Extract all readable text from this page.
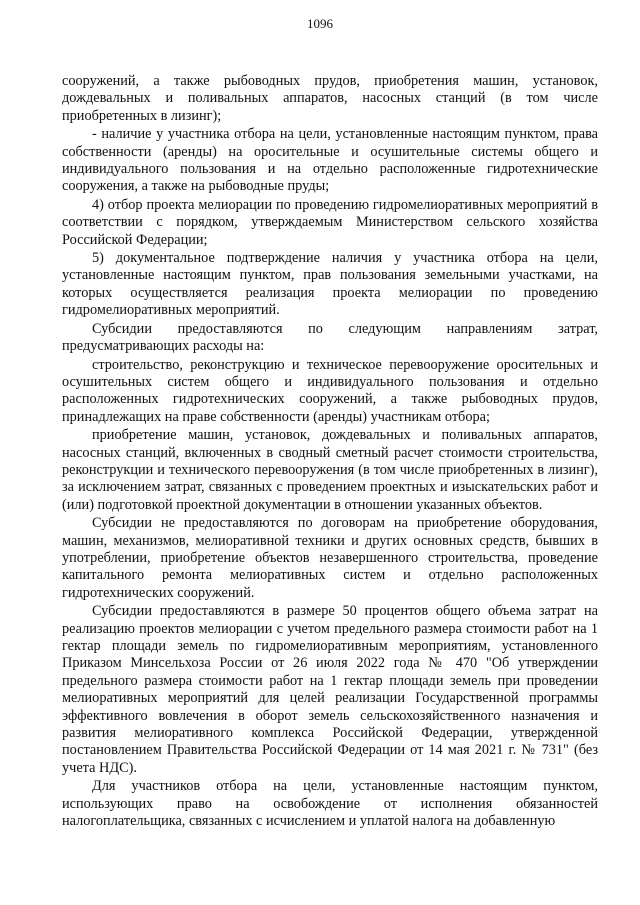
1096

сооружений, а также рыбоводных прудов, приобретения машин, установок, дождевальных и поливальных аппаратов, насосных станций (в том числе приобретенных в лизинг);

- наличие у участника отбора на цели, установленные настоящим пунктом, права собственности (аренды) на оросительные и осушительные системы общего и индивидуального пользования и на отдельно расположенные гидротехнические сооружения, а также на рыбоводные пруды;

4) отбор проекта мелиорации по проведению гидромелиоративных мероприятий в соответствии с порядком, утверждаемым Министерством сельского хозяйства Российской Федерации;

5) документальное подтверждение наличия у участника отбора на цели, установленные настоящим пунктом, прав пользования земельными участками, на которых осуществляется реализация проекта мелиорации по проведению гидромелиоративных мероприятий.

Субсидии предоставляются по следующим направлениям затрат, предусматривающих расходы на:

строительство, реконструкцию и техническое перевооружение оросительных и осушительных систем общего и индивидуального пользования и отдельно расположенных гидротехнических сооружений, а также рыбоводных прудов, принадлежащих на праве собственности (аренды) участникам отбора;

приобретение машин, установок, дождевальных и поливальных аппаратов, насосных станций, включенных в сводный сметный расчет стоимости строительства, реконструкции и технического перевооружения (в том числе приобретенных в лизинг), за исключением затрат, связанных с проведением проектных и изыскательских работ и (или) подготовкой проектной документации в отношении указанных объектов.

Субсидии не предоставляются по договорам на приобретение оборудования, машин, механизмов, мелиоративной техники и других основных средств, бывших в употреблении, приобретение объектов незавершенного строительства, проведение капитального ремонта мелиоративных систем и отдельно расположенных гидротехнических сооружений.

Субсидии предоставляются в размере 50 процентов общего объема затрат на реализацию проектов мелиорации с учетом предельного размера стоимости работ на 1 гектар площади земель по гидромелиоративным мероприятиям, установленного Приказом Минсельхоза России от 26 июля 2022 года № 470 "Об утверждении предельного размера стоимости работ на 1 гектар площади земель при проведении мелиоративных мероприятий для целей реализации Государственной программы эффективного вовлечения в оборот земель сельскохозяйственного назначения и развития мелиоративного комплекса Российской Федерации, утвержденной постановлением Правительства Российской Федерации от 14 мая 2021 г. № 731" (без учета НДС).

Для участников отбора на цели, установленные настоящим пунктом, использующих право на освобождение от исполнения обязанностей налогоплательщика, связанных с исчислением и уплатой налога на добавленную
